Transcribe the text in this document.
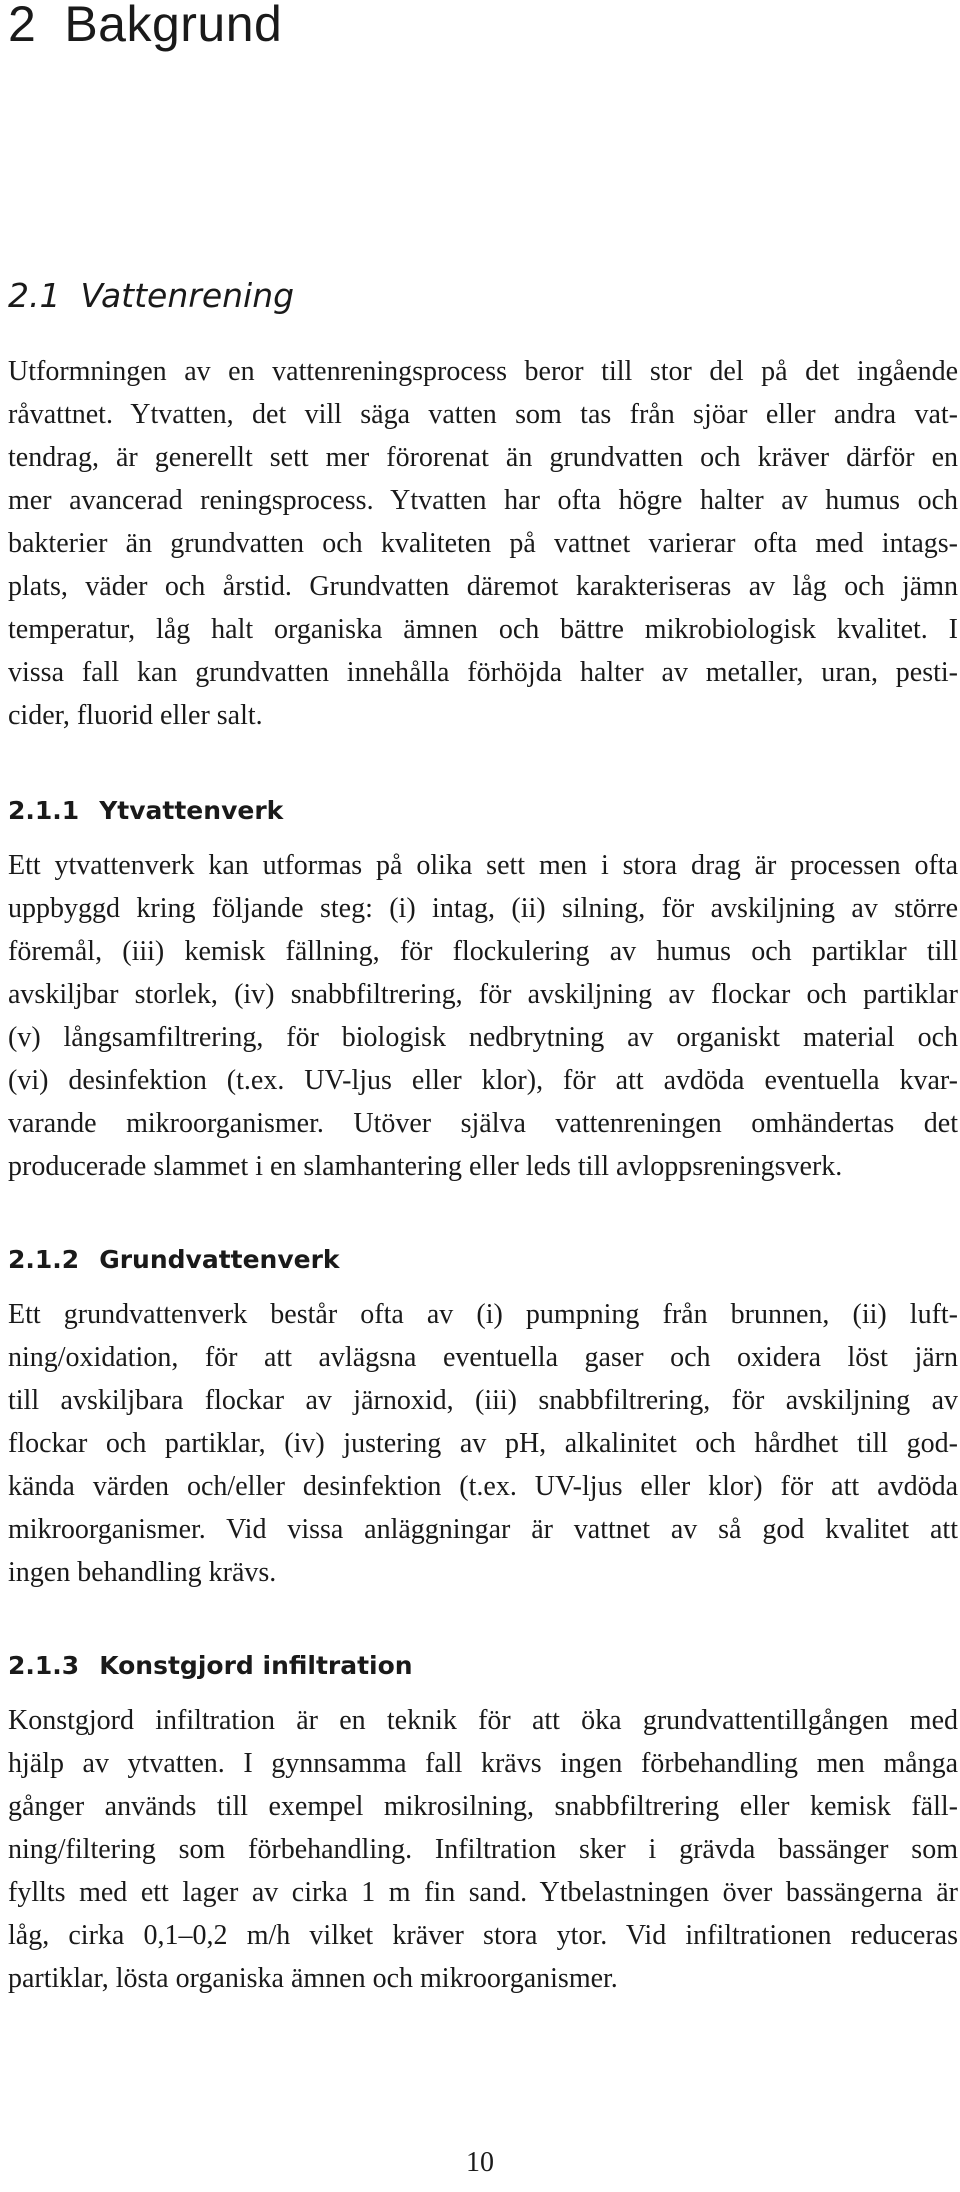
2 Bakgrund
2.1 Vattenrening
Utformningen av en vattenreningsprocess beror till stor del på det ingående
råvattnet. Ytvatten, det vill säga vatten som tas från sjöar eller andra vat-
tendrag, är generellt sett mer förorenat än grundvatten och kräver därför en
mer avancerad reningsprocess. Ytvatten har ofta högre halter av humus och
bakterier än grundvatten och kvaliteten på vattnet varierar ofta med intags-
plats, väder och årstid. Grundvatten däremot karakteriseras av låg och jämn
temperatur, låg halt organiska ämnen och bättre mikrobiologisk kvalitet. I
vissa fall kan grundvatten innehålla förhöjda halter av metaller, uran, pesti-
cider, fluorid eller salt.
2.1.1 Ytvattenverk
Ett ytvattenverk kan utformas på olika sett men i stora drag är processen ofta
uppbyggd kring följande steg: (i) intag, (ii) silning, för avskiljning av större
föremål, (iii) kemisk fällning, för flockulering av humus och partiklar till
avskiljbar storlek, (iv) snabbfiltrering, för avskiljning av flockar och partiklar
(v) långsamfiltrering, för biologisk nedbrytning av organiskt material och
(vi) desinfektion (t.ex. UV-ljus eller klor), för att avdöda eventuella kvar-
varande mikroorganismer. Utöver själva vattenreningen omhändertas det
producerade slammet i en slamhantering eller leds till avloppsreningsverk.
2.1.2 Grundvattenverk
Ett grundvattenverk består ofta av (i) pumpning från brunnen, (ii) luft-
ning/oxidation, för att avlägsna eventuella gaser och oxidera löst järn
till avskiljbara flockar av järnoxid, (iii) snabbfiltrering, för avskiljning av
flockar och partiklar, (iv) justering av pH, alkalinitet och hårdhet till god-
kända värden och/eller desinfektion (t.ex. UV-ljus eller klor) för att avdöda
mikroorganismer. Vid vissa anläggningar är vattnet av så god kvalitet att
ingen behandling krävs.
2.1.3 Konstgjord infiltration
Konstgjord infiltration är en teknik för att öka grundvattentillgången med
hjälp av ytvatten. I gynnsamma fall krävs ingen förbehandling men många
gånger används till exempel mikrosilning, snabbfiltrering eller kemisk fäll-
ning/filtering som förbehandling. Infiltration sker i grävda bassänger som
fyllts med ett lager av cirka 1 m fin sand. Ytbelastningen över bassängerna är
låg, cirka 0,1–0,2 m/h vilket kräver stora ytor. Vid infiltrationen reduceras
partiklar, lösta organiska ämnen och mikroorganismer.
10
